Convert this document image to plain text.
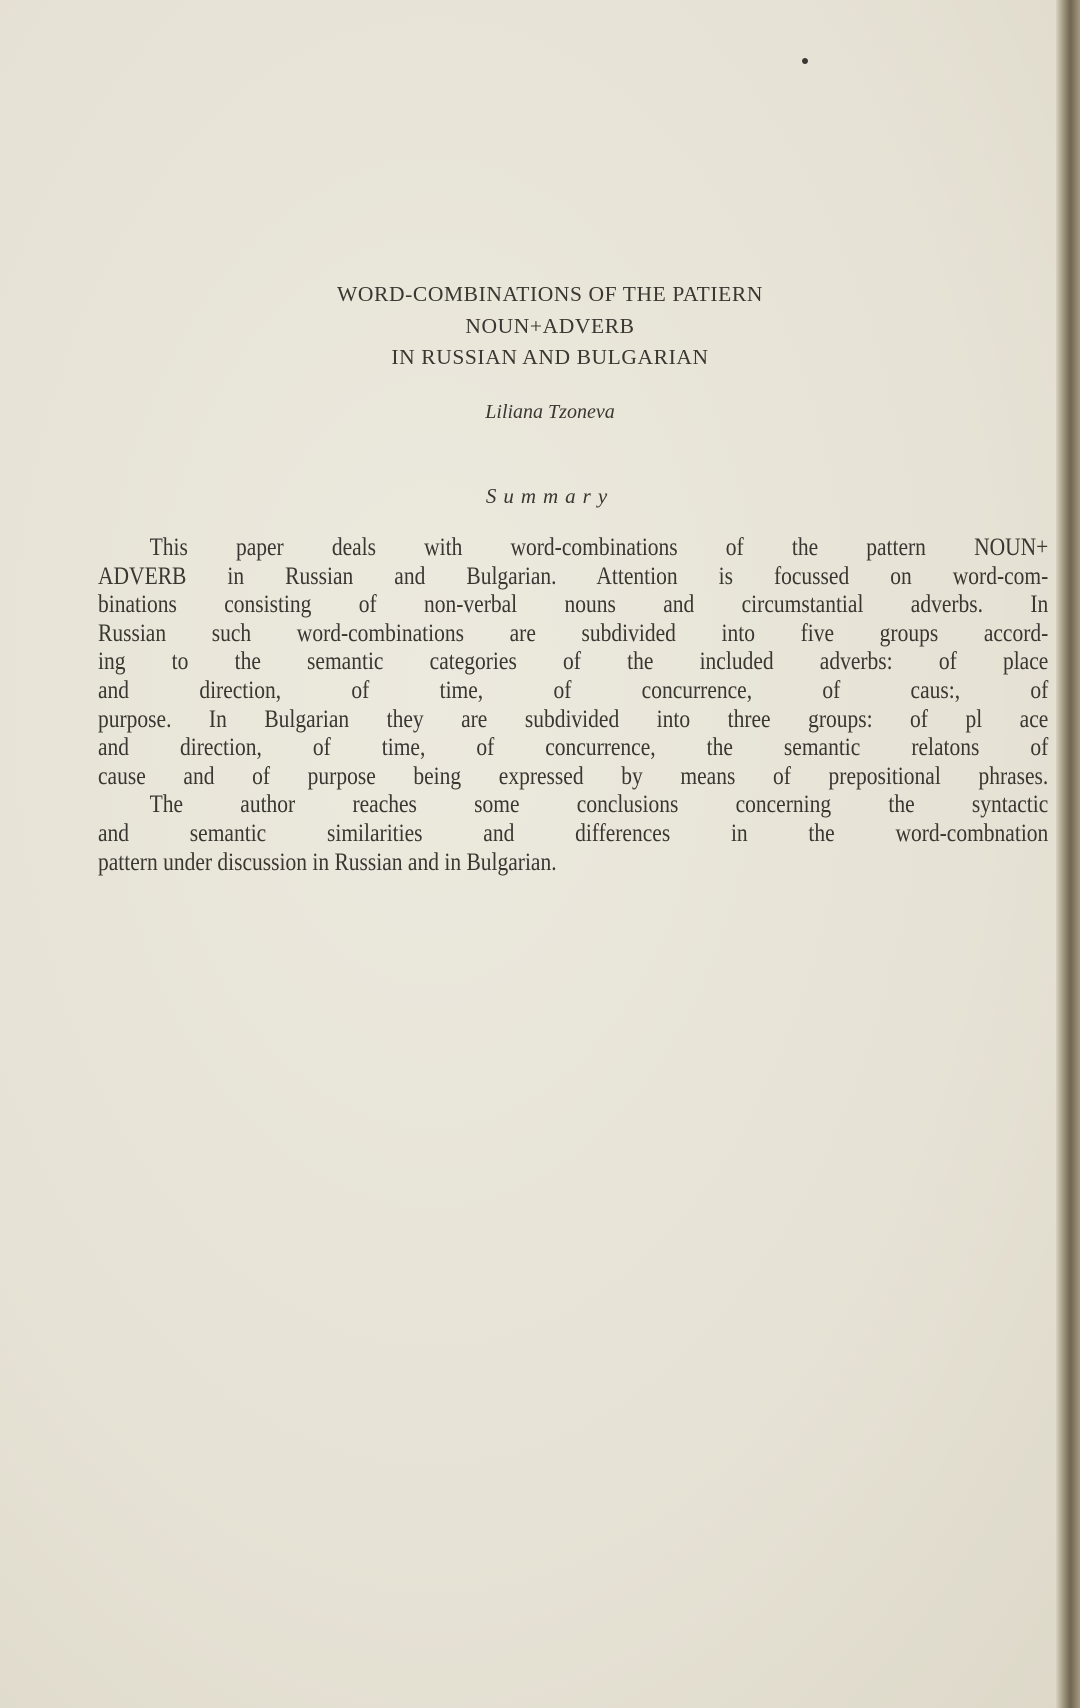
WORD-COMBINATIONS OF THE PATIERN
NOUN+ADVERB
IN RUSSIAN AND BULGARIAN
Liliana Tzoneva
Summary
This paper deals with word-combinations of the pattern NOUN+
ADVERB in Russian and Bulgarian. Attention is focussed on word-com-
binations consisting of non-verbal nouns and circumstantial adverbs. In
Russian such word-combinations are subdivided into five groups accord-
ing to the semantic categories of the included adverbs: of place
and direction, of time, of concurrence, of caus:, of
purpose. In Bulgarian they are subdivided into three groups: of pl ace
and direction, of time, of concurrence, the semantic relatons of
cause and of purpose being expressed by means of prepositional phrases.
The author reaches some conclusions concerning the syntactic
and semantic similarities and differences in the word-combnation
pattern under discussion in Russian and in Bulgarian.
